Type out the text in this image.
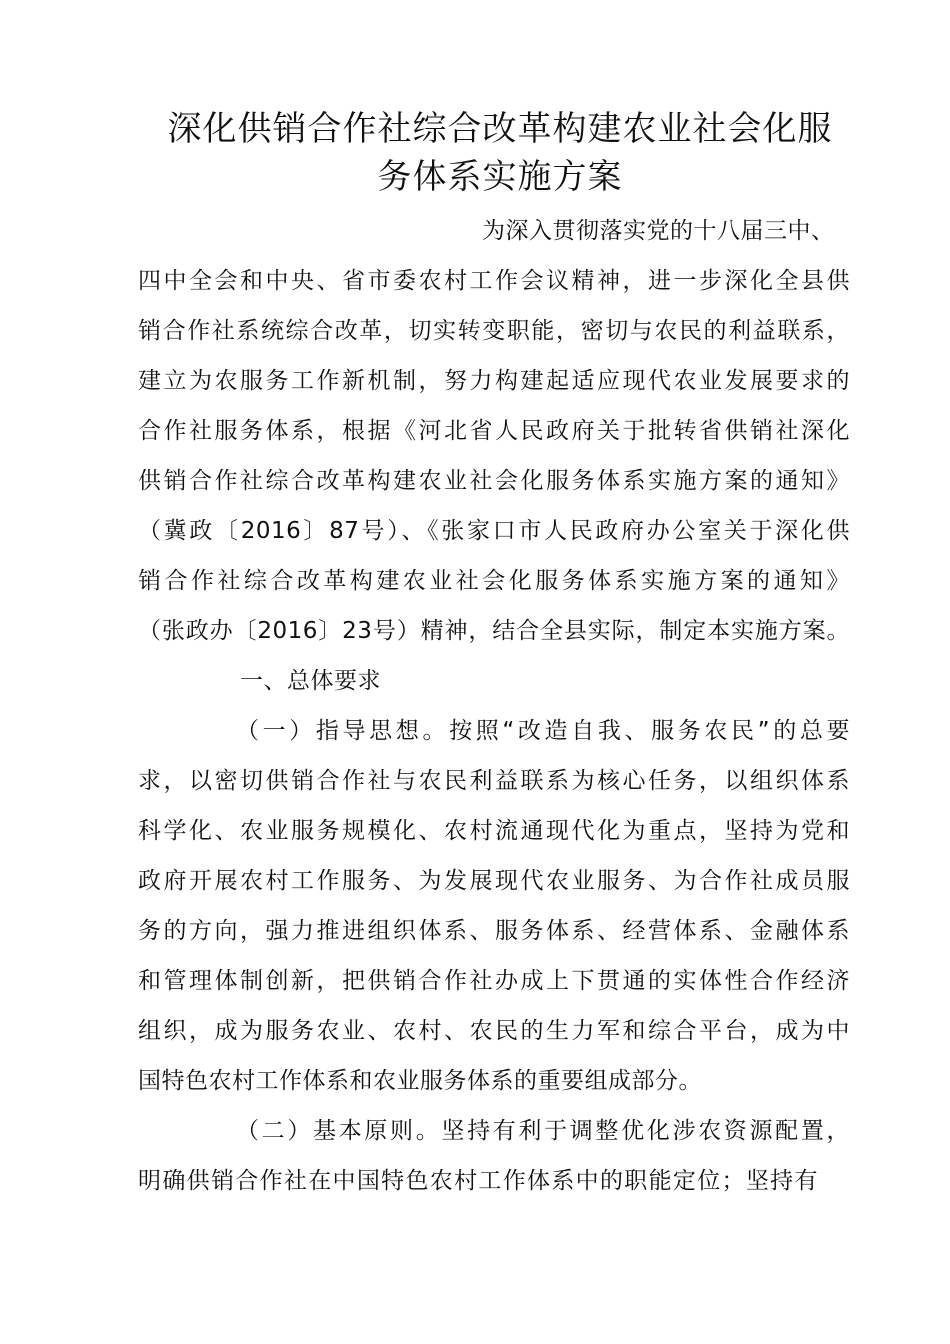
深化供销合作社综合改革构建农业社会化服
务体系实施方案
为深入贯彻落实党的十八届三中、
四中全会和中央、省市委农村工作会议精神，进一步深化全县供
销合作社系统综合改革，切实转变职能，密切与农民的利益联系，
建立为农服务工作新机制，努力构建起适应现代农业发展要求的
合作社服务体系，根据《河北省人民政府关于批转省供销社深化
供销合作社综合改革构建农业社会化服务体系实施方案的通知》
（冀政〔2016〕87号）、《张家口市人民政府办公室关于深化供
销合作社综合改革构建农业社会化服务体系实施方案的通知》
（张政办〔2016〕23号）精神，结合全县实际，制定本实施方案。
一、总体要求
（一）指导思想。按照“改造自我、服务农民”的总要
求，以密切供销合作社与农民利益联系为核心任务，以组织体系
科学化、农业服务规模化、农村流通现代化为重点，坚持为党和
政府开展农村工作服务、为发展现代农业服务、为合作社成员服
务的方向，强力推进组织体系、服务体系、经营体系、金融体系
和管理体制创新，把供销合作社办成上下贯通的实体性合作经济
组织，成为服务农业、农村、农民的生力军和综合平台，成为中
国特色农村工作体系和农业服务体系的重要组成部分。
（二）基本原则。坚持有利于调整优化涉农资源配置，
明确供销合作社在中国特色农村工作体系中的职能定位；坚持有
